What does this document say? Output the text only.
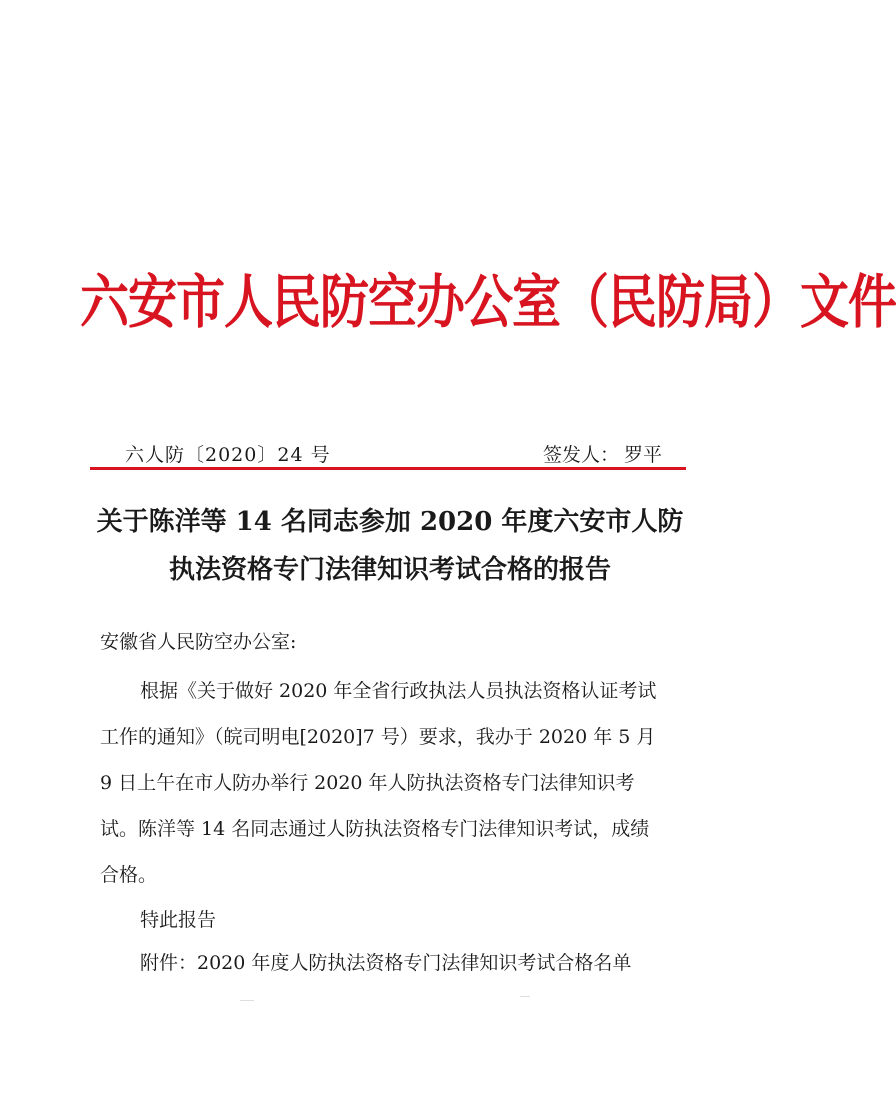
六安市人民防空办公室（民防局）文件
六人防〔2020〕24 号	签发人： 罗平
关于陈洋等 14 名同志参加 2020 年度六安市人防
执法资格专门法律知识考试合格的报告
安徽省人民防空办公室:
根据《关于做好 2020 年全省行政执法人员执法资格认证考试
工作的通知》（皖司明电[2020]7 号）要求，我办于 2020 年 5 月
9 日上午在市人防办举行 2020 年人防执法资格专门法律知识考
试。陈洋等 14 名同志通过人防执法资格专门法律知识考试，成绩
合格。
特此报告
附件：2020 年度人防执法资格专门法律知识考试合格名单
